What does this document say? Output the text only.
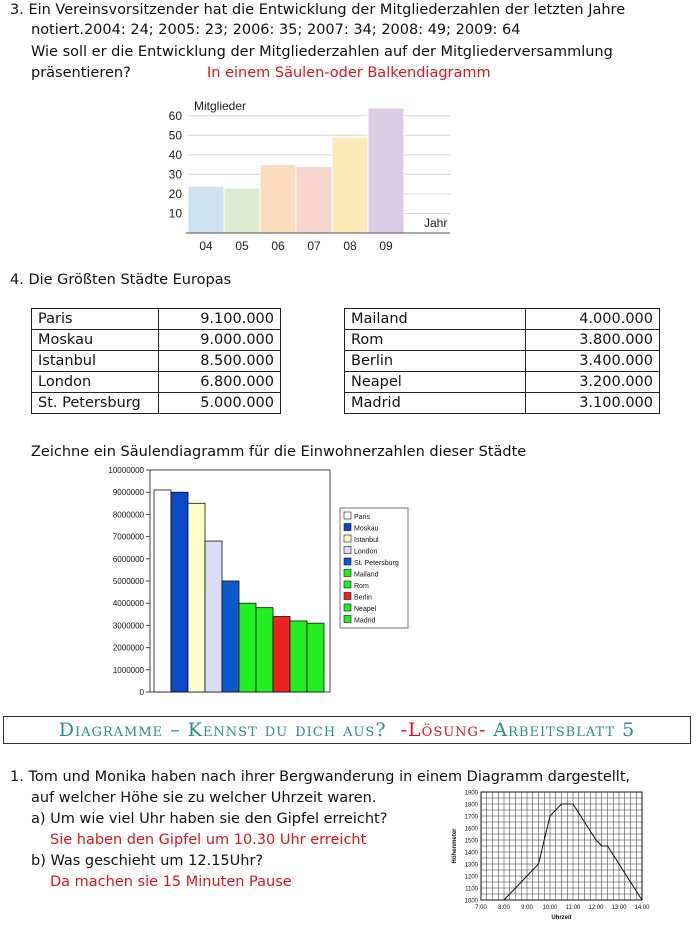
3. Ein Vereinsvorsitzender hat die Entwicklung der Mitgliederzahlen der letzten Jahre
notiert.2004: 24; 2005: 23; 2006: 35; 2007: 34; 2008: 49; 2009: 64
Wie soll er die Entwicklung der Mitgliederzahlen auf der Mitgliederversammlung
präsentieren?	In einem Säulen-oder Balkendiagramm
10
20
30
40
50
60
04 05 06 07 08 09
Mitglieder
Jahr
4. Die Größten Städte Europas
Paris	9.100.000
Moskau	9.000.000
Istanbul	8.500.000
London	6.800.000
St. Petersburg	5.000.000
Mailand	4.000.000
Rom	3.800.000
Berlin	3.400.000
Neapel	3.200.000
Madrid	3.100.000
Zeichne ein Säulendiagramm für die Einwohnerzahlen dieser Städte
0
1000000
2000000
3000000
4000000
5000000
6000000
7000000
8000000
9000000
10000000
Paris
Moskau
Istanbul
London
St. Petersburg
Mailand
Rom
Berlin
Neapel
Madrid
Diagramme – Kennst du dich aus? -Lösung- Arbeitsblatt 5
1. Tom und Monika haben nach ihrer Bergwanderung in einem Diagramm dargestellt,
auf welcher Höhe sie zu welcher Uhrzeit waren.
a) Um wie viel Uhr haben sie den Gipfel erreicht?
Sie haben den Gipfel um 10.30 Uhr erreicht
b) Was geschieht um 12.15Uhr?
Da machen sie 15 Minuten Pause
1000
1100
1200
1300
1400
1500
1600
1700
1800
1900
7:00 8:00 9:00 10:00 11:00 12:00 13:00 14:00
Uhrzeit
Höhenmeter
